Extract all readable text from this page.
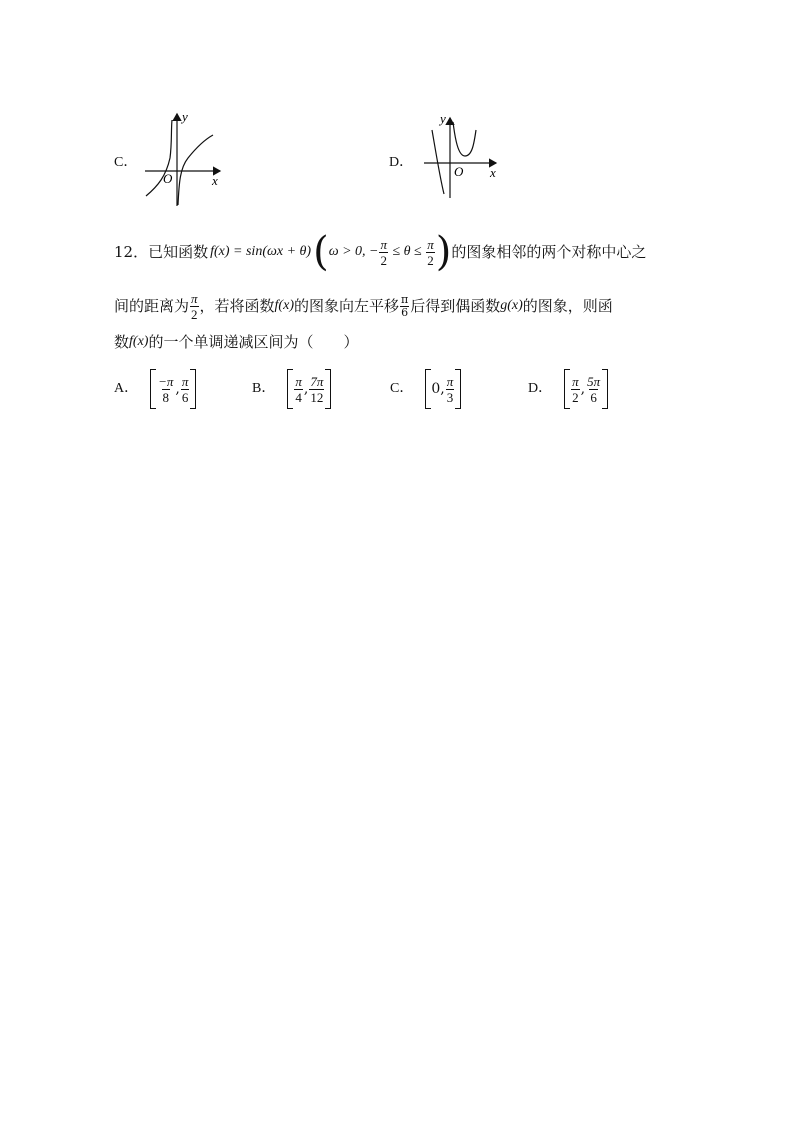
C．
y
x
O
D．
y
x
O
12． 已知函数 f(x) = sin(ωx + θ) ( ω > 0, − $\frac{\pi}{2} \le \theta \le \frac{\pi}{2}$ ) 的图象相邻的两个对称中心之
间的距离为 $\frac{\pi}{2}$ ，若将函数 f(x) 的图象向左平移 $\frac{\pi}{6}$ 后得到偶函数 g(x) 的图象，则函
数 f(x) 的一个单调递减区间为（　　）
A． $\frac{-\pi}{8}$ , $\frac{\pi}{6}$	B． $\frac{\pi}{4}$ , $\frac{7\pi}{12}$	C． 0, $\frac{\pi}{3}$	D． $\frac{\pi}{2}$ , $\frac{5\pi}{6}$
